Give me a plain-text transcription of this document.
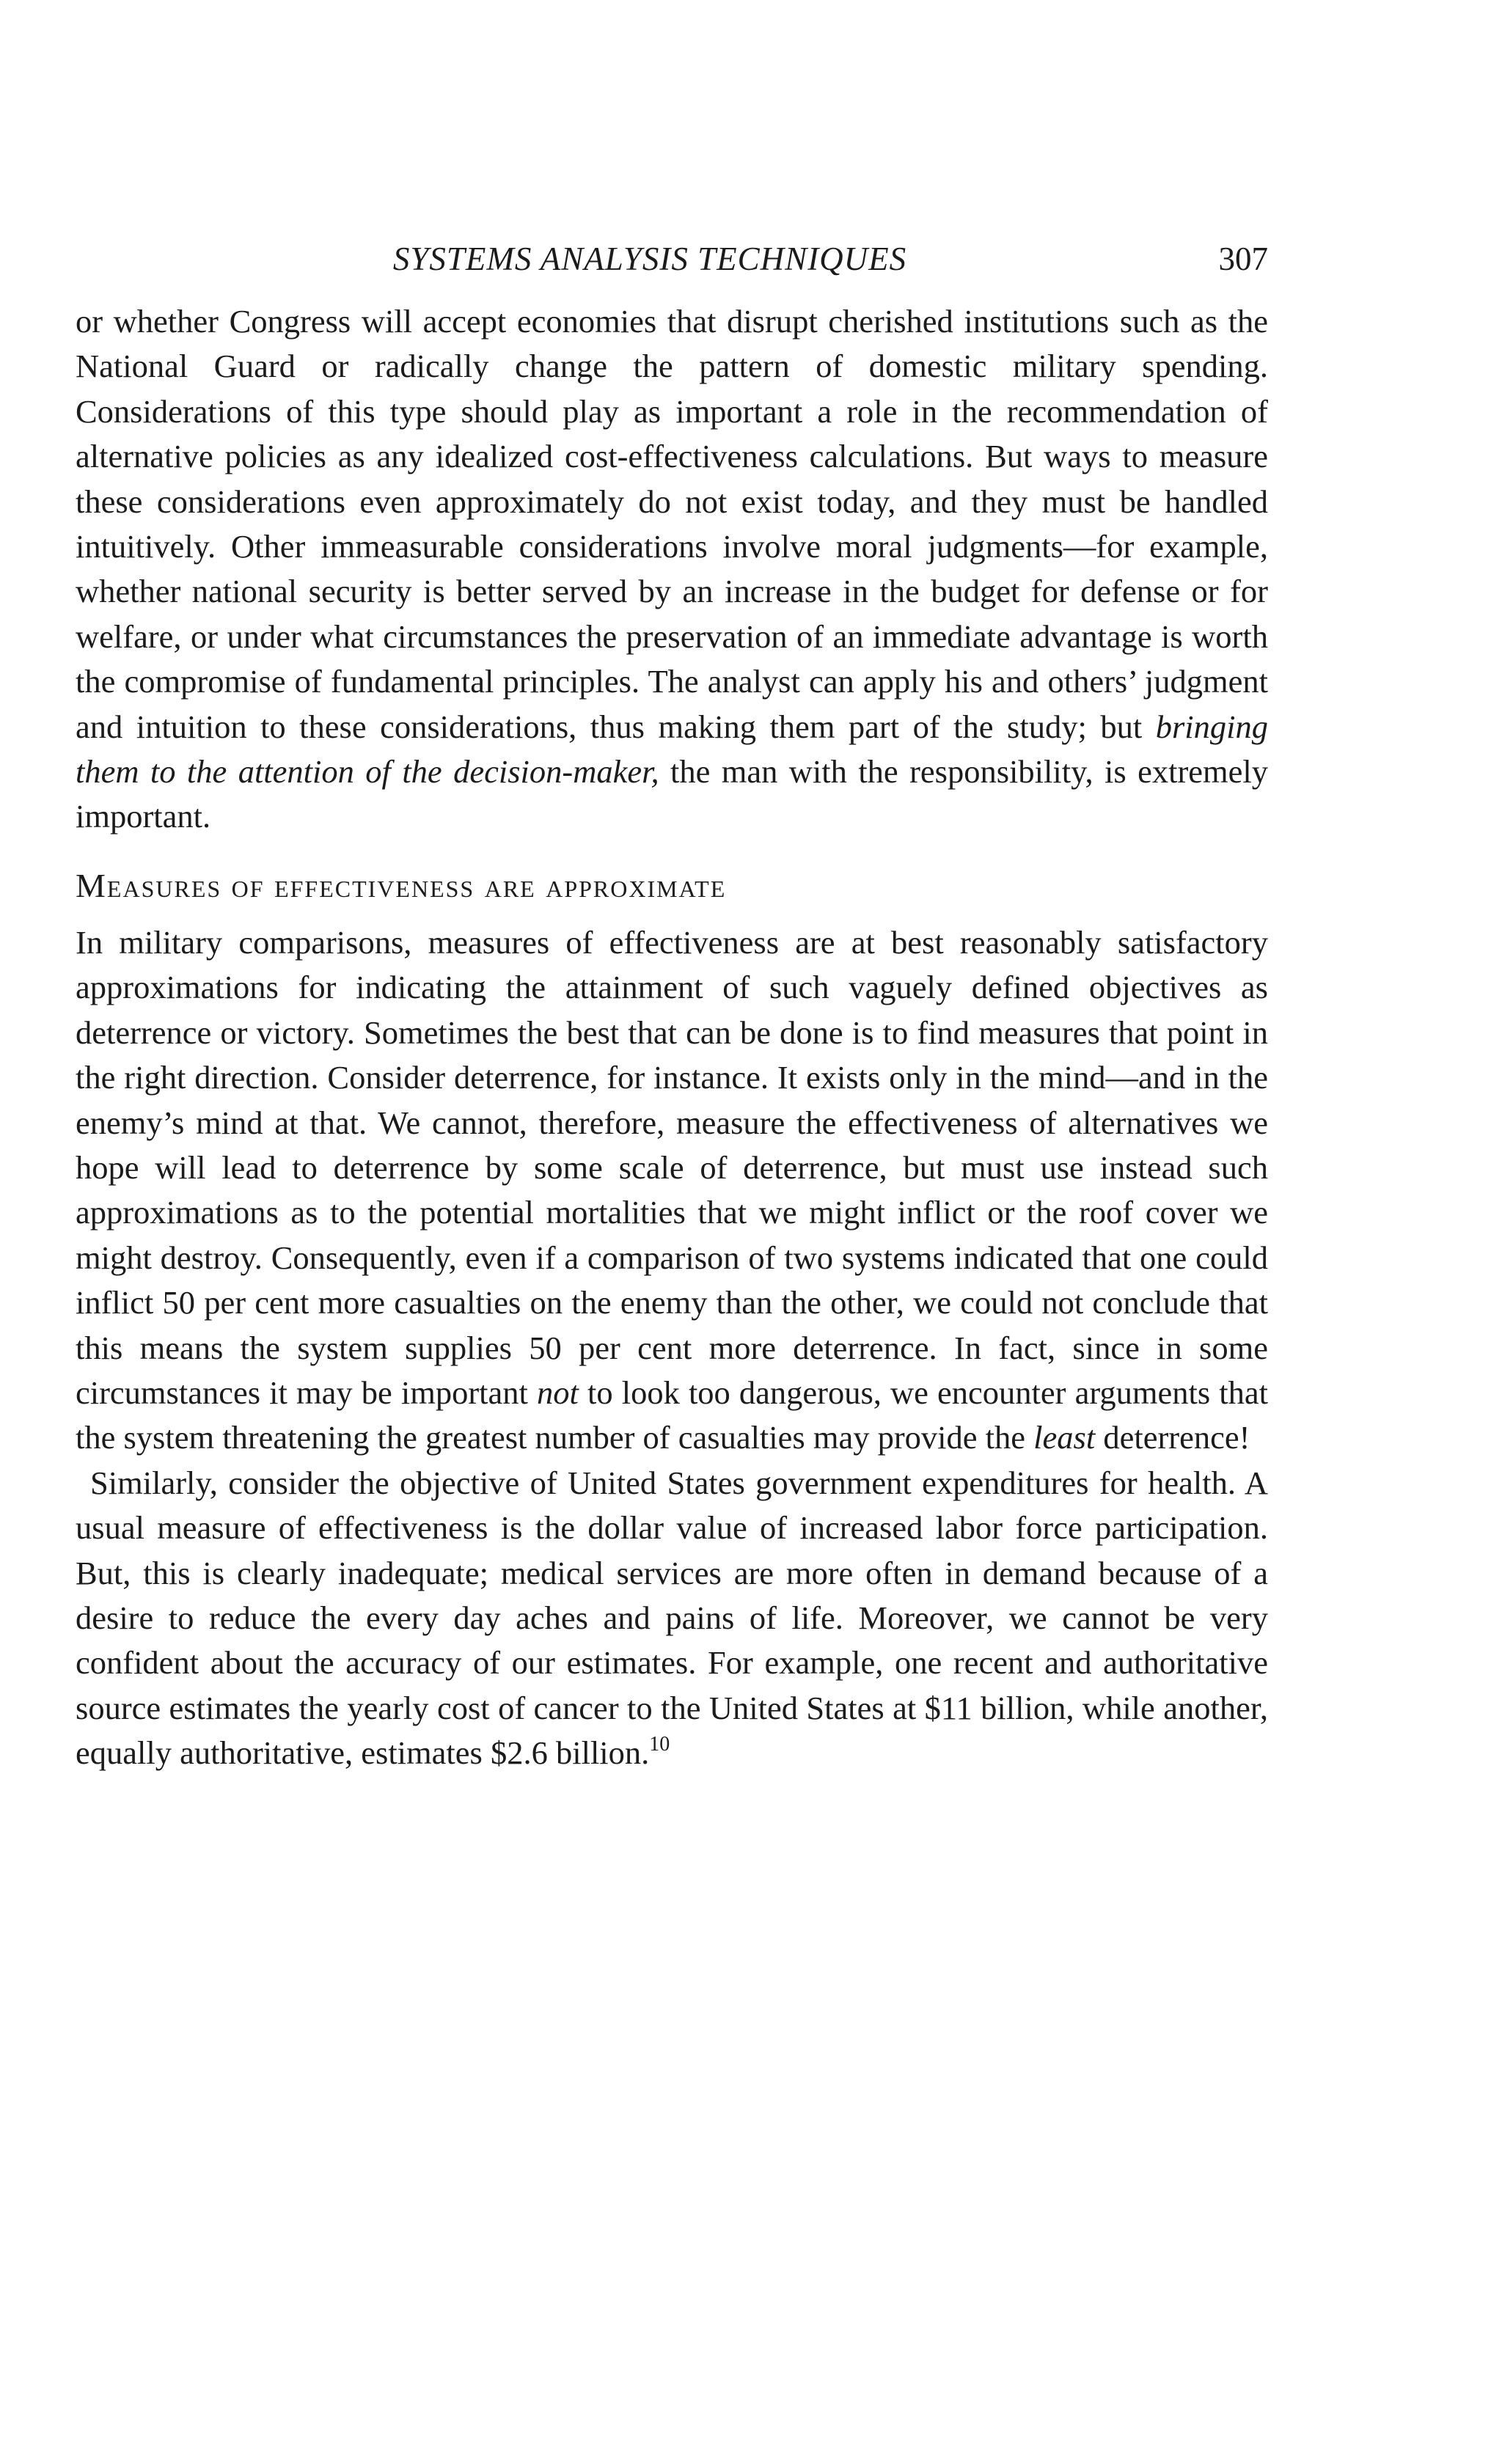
SYSTEMS ANALYSIS TECHNIQUES	307

or whether Congress will accept economies that disrupt cherished institutions such as the National Guard or radically change the pattern of domestic military spending. Considerations of this type should play as important a role in the recommendation of alternative policies as any idealized cost-effectiveness calculations. But ways to measure these considerations even approximately do not exist today, and they must be handled intuitively. Other immeasurable considerations involve moral judgments—for example, whether national security is better served by an increase in the budget for defense or for welfare, or under what circumstances the preservation of an immediate advantage is worth the compromise of fundamental principles. The analyst can apply his and others’ judgment and intuition to these considerations, thus making them part of the study; but bringing them to the attention of the decision-maker, the man with the responsibility, is extremely important.

Measures of effectiveness are approximate

In military comparisons, measures of effectiveness are at best reasonably satisfactory approximations for indicating the attainment of such vaguely defined objectives as deterrence or victory. Sometimes the best that can be done is to find measures that point in the right direction. Consider deterrence, for instance. It exists only in the mind—and in the enemy’s mind at that. We cannot, therefore, measure the effectiveness of alternatives we hope will lead to deterrence by some scale of deterrence, but must use instead such approximations as to the potential mortalities that we might inflict or the roof cover we might destroy. Consequently, even if a comparison of two systems indicated that one could inflict 50 per cent more casualties on the enemy than the other, we could not conclude that this means the system supplies 50 per cent more deterrence. In fact, since in some circumstances it may be important not to look too dangerous, we encounter arguments that the system threatening the greatest number of casualties may provide the least deterrence!

Similarly, consider the objective of United States government expenditures for health. A usual measure of effectiveness is the dollar value of increased labor force participation. But, this is clearly inadequate; medical services are more often in demand because of a desire to reduce the every day aches and pains of life. Moreover, we cannot be very confident about the accuracy of our estimates. For example, one recent and authoritative source estimates the yearly cost of cancer to the United States at $11 billion, while another, equally authoritative, estimates $2.6 billion.$^{10}$
